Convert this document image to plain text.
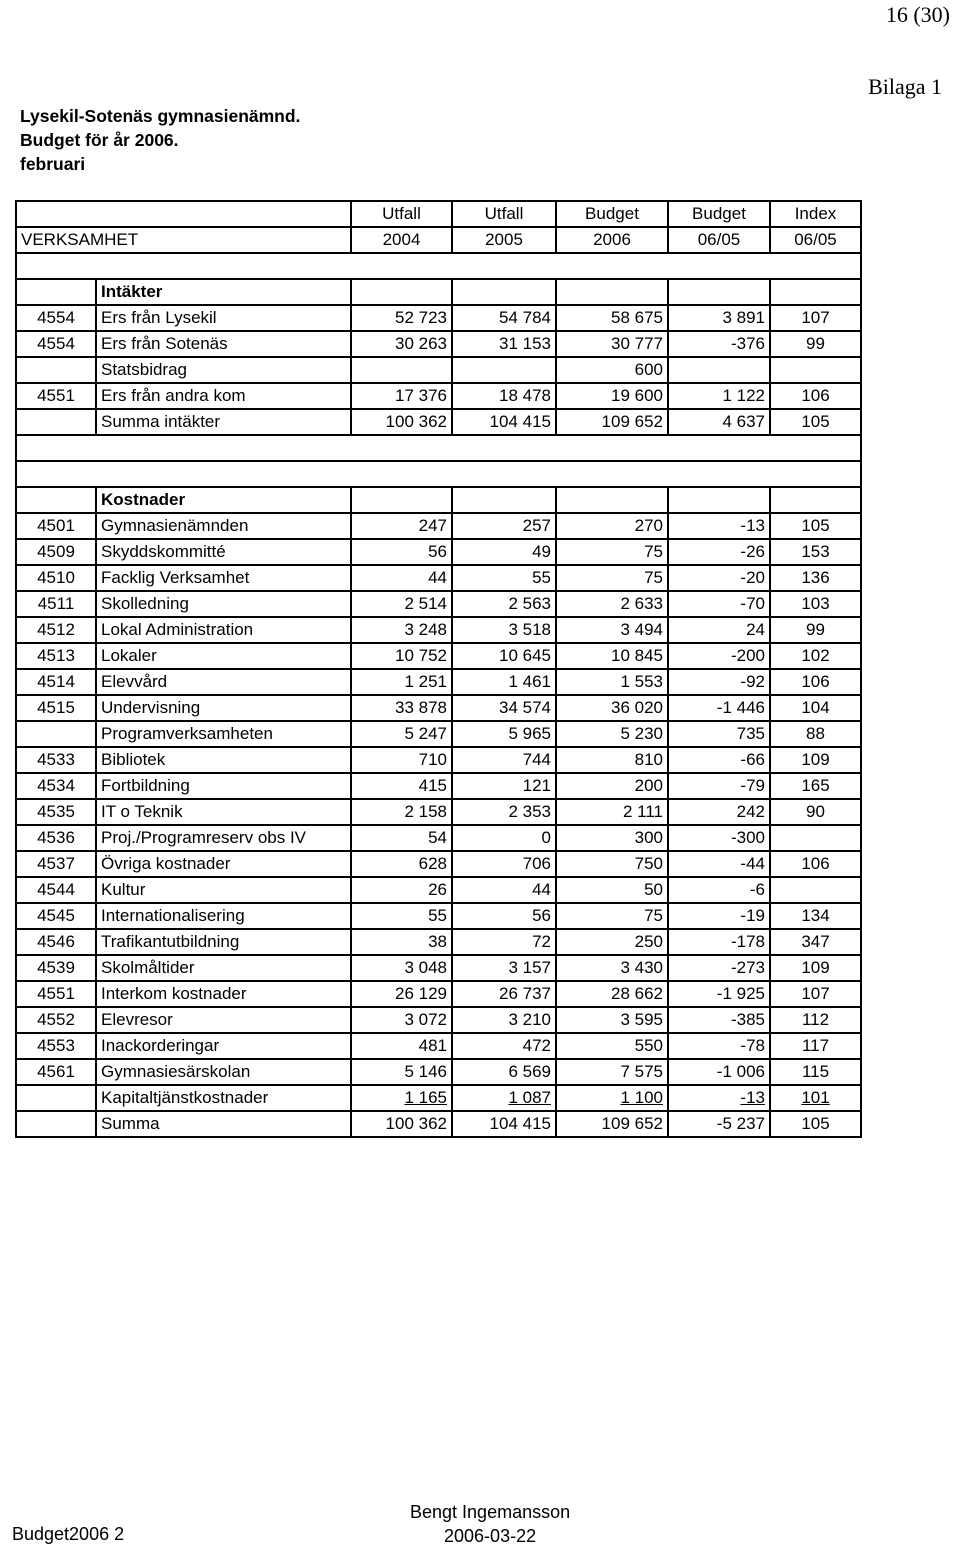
16 (30)
Bilaga 1
Lysekil-Sotenäs gymnasienämnd.
Budget för år 2006.
februari
		Utfall	Utfall	Budget	Budget	Index

VERKSAMHET		2004	2005	2006	06/05	06/05

	Intäkter					
4554	Ers från Lysekil	52 723	54 784	58 675	3 891	107
4554	Ers från Sotenäs	30 263	31 153	30 777	-376	99
	Statsbidrag			600		
4551	Ers från andra kom	17 376	18 478	19 600	1 122	106
	Summa intäkter	100 362	104 415	109 652	4 637	105

	Kostnader					
4501	Gymnasienämnden	247	257	270	-13	105
4509	Skyddskommitté	56	49	75	-26	153
4510	Facklig Verksamhet	44	55	75	-20	136
4511	Skolledning	2 514	2 563	2 633	-70	103
4512	Lokal Administration	3 248	3 518	3 494	24	99
4513	Lokaler	10 752	10 645	10 845	-200	102
4514	Elevvård	1 251	1 461	1 553	-92	106
4515	Undervisning	33 878	34 574	36 020	-1 446	104
	Programverksamheten	5 247	5 965	5 230	735	88
4533	Bibliotek	710	744	810	-66	109
4534	Fortbildning	415	121	200	-79	165
4535	IT o Teknik	2 158	2 353	2 111	242	90
4536	Proj./Programreserv obs IV	54	0	300	-300	
4537	Övriga kostnader	628	706	750	-44	106
4544	Kultur	26	44	50	-6	
4545	Internationalisering	55	56	75	-19	134
4546	Trafikantutbildning	38	72	250	-178	347
4539	Skolmåltider	3 048	3 157	3 430	-273	109
4551	Interkom kostnader	26 129	26 737	28 662	-1 925	107
4552	Elevresor	3 072	3 210	3 595	-385	112
4553	Inackorderingar	481	472	550	-78	117
4561	Gymnasiesärskolan	5 146	6 569	7 575	-1 006	115
	Kapitaltjänstkostnader	1 165	1 087	1 100	-13	101
	Summa	100 362	104 415	109 652	-5 237	105
Budget2006 2
Bengt Ingemansson
2006-03-22
